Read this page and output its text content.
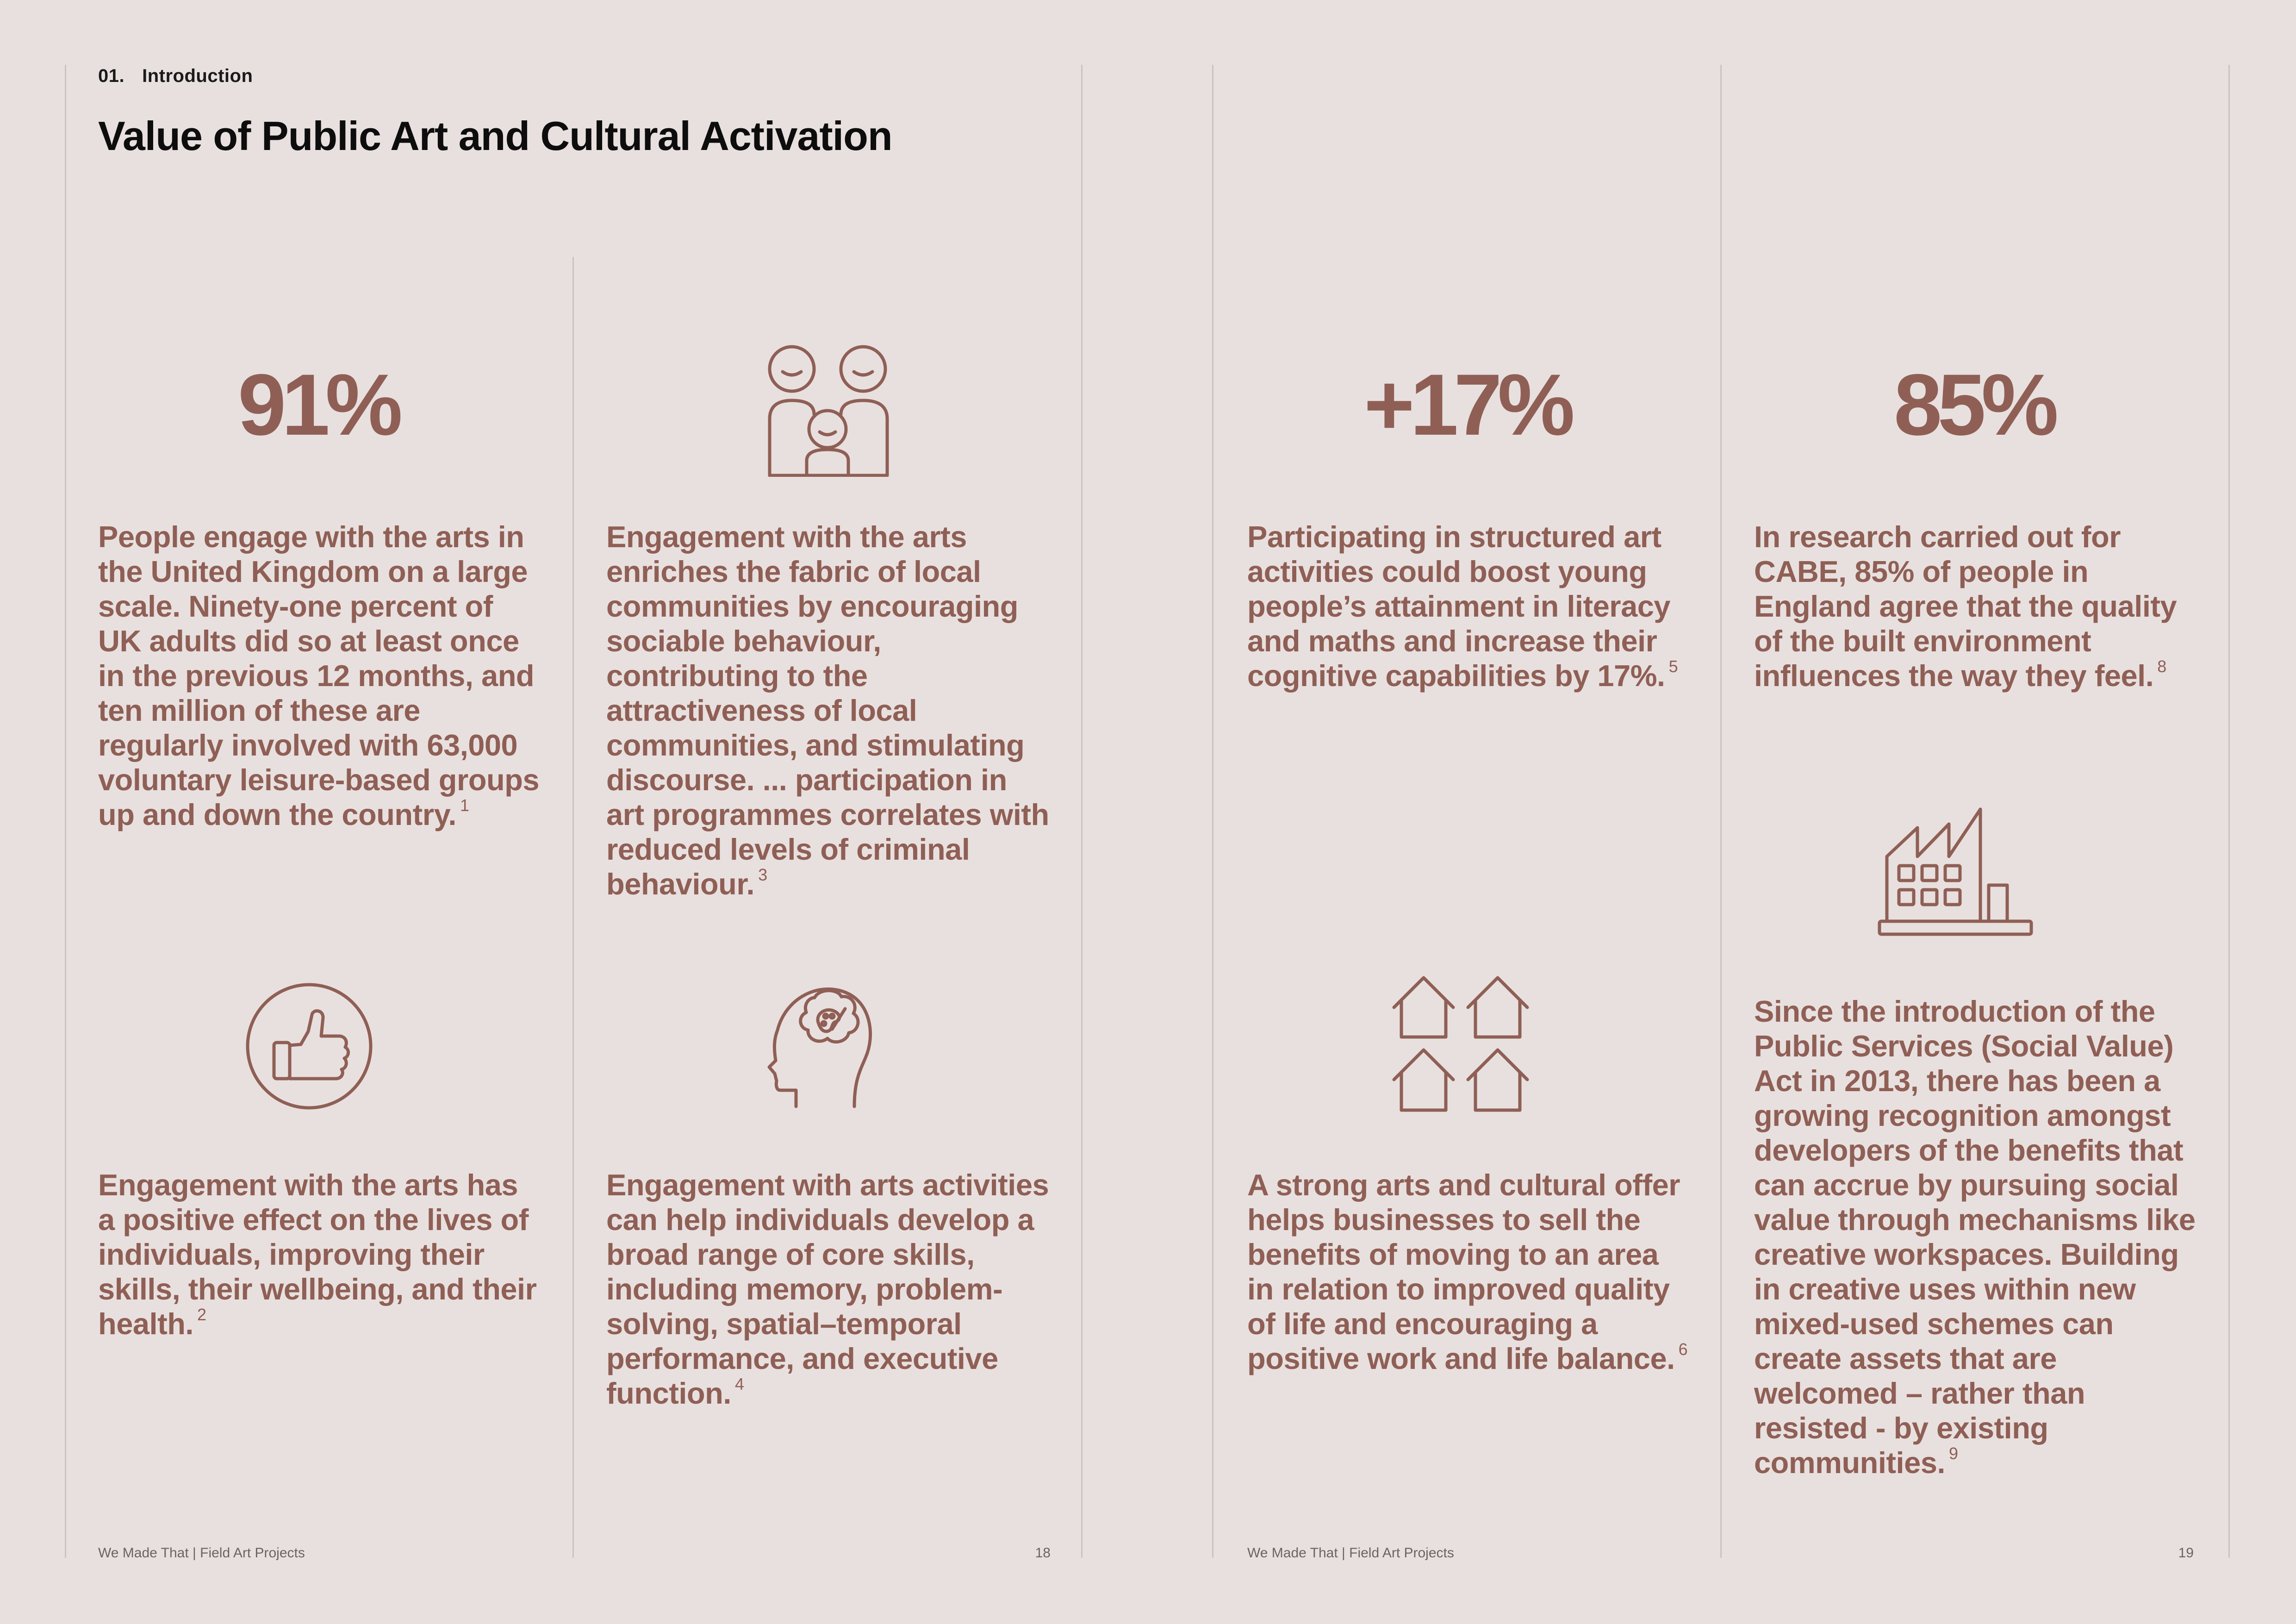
01. Introduction
Value of Public Art and Cultural Activation
91%
People engage with the arts in the United Kingdom on a large scale. Ninety-one percent of UK adults did so at least once in the previous 12 months, and ten million of these are regularly involved with 63,000 voluntary leisure-based groups up and down the country. $^1$
Engagement with the arts has a positive effect on the lives of individuals, improving their skills, their wellbeing, and their health. $^2$
Engagement with the arts enriches the fabric of local communities by encouraging sociable behaviour, contributing to the attractiveness of local communities, and stimulating discourse. ... participation in art programmes correlates with reduced levels of criminal behaviour. $^3$
Engagement with arts activities can help individuals develop a broad range of core skills, including memory, problem-solving, spatial–temporal performance, and executive function. $^4$
+17%
Participating in structured art activities could boost young people’s attainment in literacy and maths and increase their cognitive capabilities by 17%. $^5$
A strong arts and cultural offer helps businesses to sell the benefits of moving to an area in relation to improved quality of life and encouraging a positive work and life balance. $^6$
85%
In research carried out for CABE, 85% of people in England agree that the quality of the built environment influences the way they feel. $^8$
Since the introduction of the Public Services (Social Value) Act in 2013, there has been a growing recognition amongst developers of the benefits that can accrue by pursuing social value through mechanisms like creative workspaces. Building in creative uses within new mixed-used schemes can create assets that are welcomed – rather than resisted - by existing communities. $^9$
We Made That | Field Art Projects	18	We Made That | Field Art Projects	19
